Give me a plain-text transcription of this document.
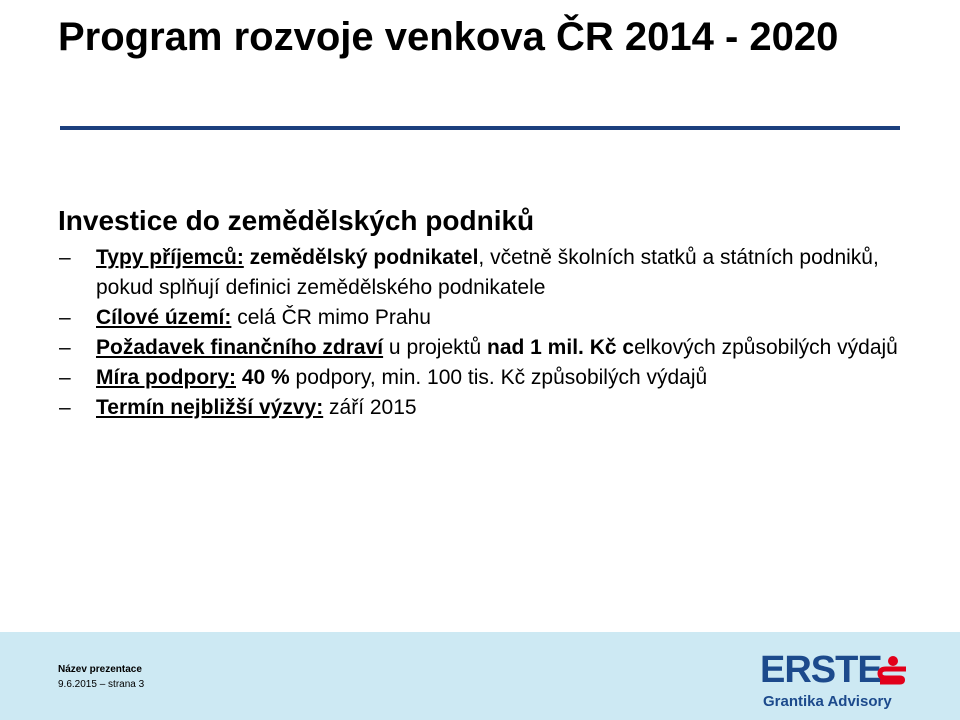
Program rozvoje venkova ČR 2014 - 2020
Investice do zemědělských podniků
– Typy příjemců: zemědělský podnikatel, včetně školních statků a státních podniků, pokud splňují definici zemědělského podnikatele
– Cílové území: celá ČR mimo Prahu
– Požadavek finančního zdraví u projektů nad 1 mil. Kč celkových způsobilých výdajů
– Míra podpory: 40 % podpory, min. 100 tis. Kč způsobilých výdajů
– Termín nejbližší výzvy: září 2015
Název prezentace
9.6.2015 – strana 3	ERSTE
Grantika Advisory
